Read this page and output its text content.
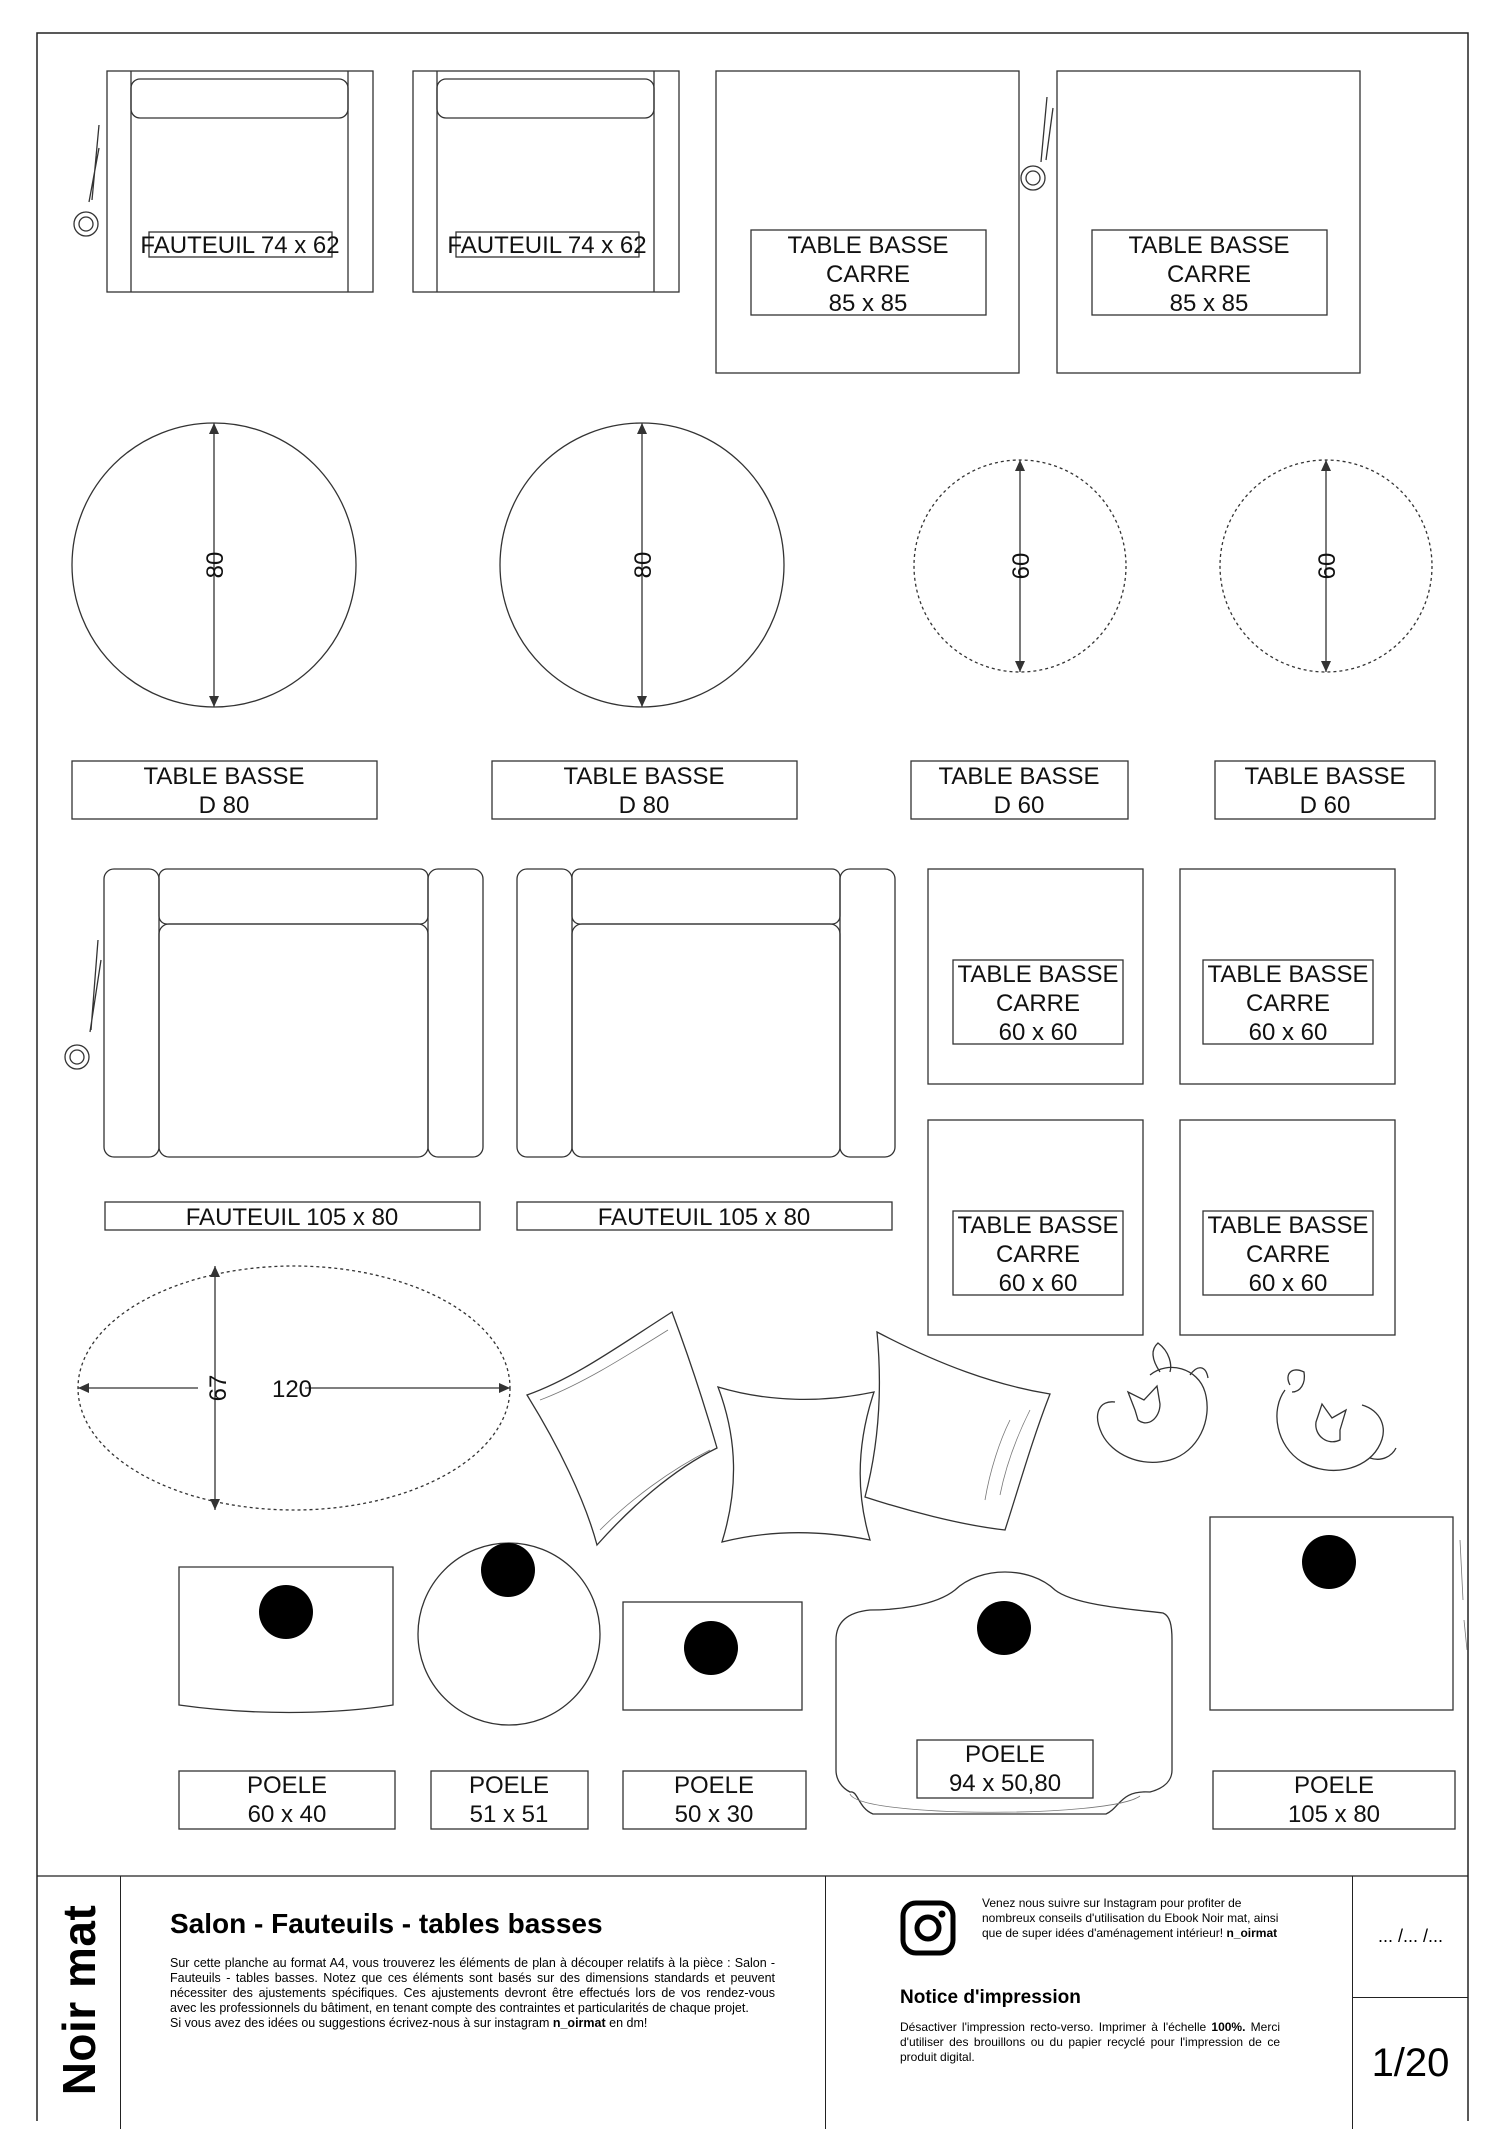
FAUTEUIL 74 x 62	FAUTEUIL 74 x 62	TABLE BASSE
CARRE
85 x 85
TABLE BASSE
CARRE
85 x 85
80	80	60	60
TABLE BASSE
D 80
TABLE BASSE
D 80
TABLE BASSE
D 60
TABLE BASSE
D 60
FAUTEUIL 105 x 80	FAUTEUIL 105 x 80
TABLE BASSE
CARRE
60 x 60
TABLE BASSE
CARRE
60 x 60
TABLE BASSE
CARRE
60 x 60
TABLE BASSE
CARRE
60 x 60
67 120
POELE
60 x 40
POELE
51 x 51
POELE
50 x 30
POELE
94 x 50,80	POELE
105 x 80
Noir mat Salon - Fauteuils - tables basses
Sur cette planche au format A4, vous trouverez les éléments de plan à découper relatifs à la pièce : Salon - Fauteuils - tables basses. Notez que ces éléments sont basés sur des dimensions standards et peuvent nécessiter des ajustements spécifiques. Ces ajustements devront être effectués lors de vos rendez-vous avec les professionnels du bâtiment, en tenant compte des contraintes et particularités de chaque projet.
Si vous avez des idées ou suggestions écrivez-nous à sur instagram n_oirmat en dm!
Venez nous suivre sur Instagram pour profiter de nombreux conseils d'utilisation du Ebook Noir mat, ainsi que de super idées d'aménagement intérieur! n_oirmat
Notice d'impression
Désactiver l'impression recto-verso. Imprimer à l'échelle 100%. Merci d'utiliser des brouillons ou du papier recyclé pour l'impression de ce produit digital.
... /... /...
1/20
